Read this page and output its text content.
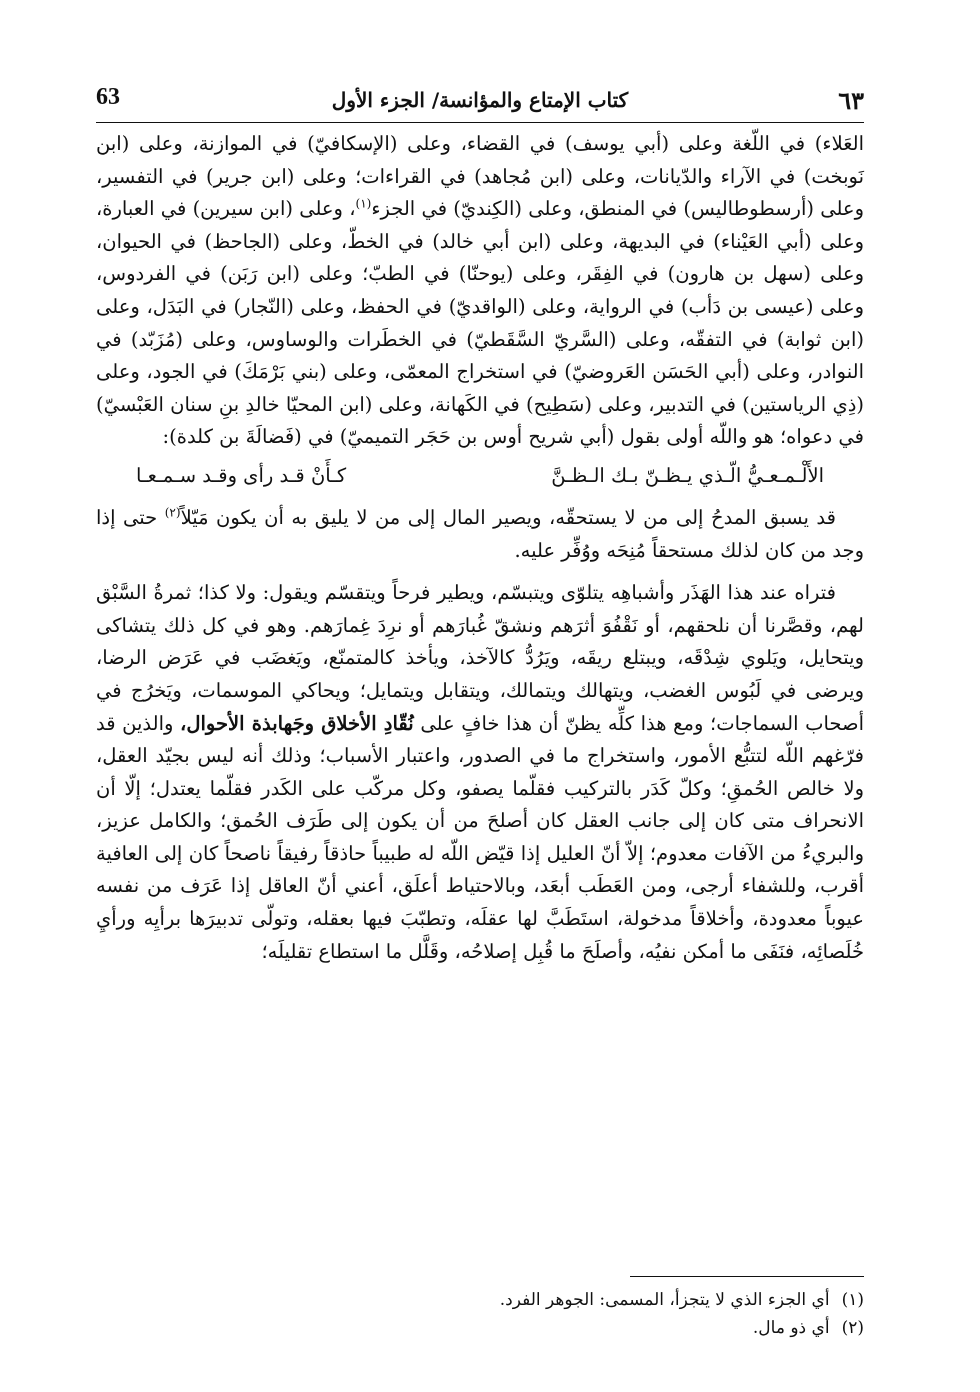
٦٣
كتاب الإمتاع والمؤانسة/ الجزء الأول
63

العَلاء) في اللّغة وعلى (أبي يوسف) في القضاء، وعلى (الإسكافيّ) في الموازنة، وعلى (ابن نَوبخت) في الآراء والدّيانات، وعلى (ابن مُجاهد) في القراءات؛ وعلى (ابن جرير) في التفسير، وعلى (أرسطوطاليس) في المنطق، وعلى (الكِنديّ) في الجزء$^{(١)}$، وعلى (ابن سيرين) في العبارة، وعلى (أبي العَيْناء) في البديهة، وعلى (ابن أبي خالد) في الخطّ، وعلى (الجاحظ) في الحيوان، وعلى (سهل بن هارون) في الفِقَر، وعلى (يوحنّا) في الطبّ؛ وعلى (ابن رَبَن) في الفردوس، وعلى (عيسى بن دَأب) في الرواية، وعلى (الواقديّ) في الحفظ، وعلى (النّجار) في البَدَل، وعلى (ابن ثوابة) في التفقّه، وعلى (السَّريّ السَّقَطيّ) في الخطَرات والوساوس، وعلى (مُزَبّد) في النوادر، وعلى (أبي الحَسَن العَروضيّ) في استخراج المعمّى، وعلى (بني بَرْمَكَ) في الجود، وعلى (ذِي الرياستين) في التدبير، وعلى (سَطِيح) في الكَهانة، وعلى (ابن المحيّا خالدِ بنِ سنان العَبْسيّ) في دعواه؛ هو واللّه أولى بقول (أبي شريح أوس بن حَجَر التميميّ) في (فَضالَةَ بن كلدة):

الأَلْـمـعـيُّ الّـذي يـظـنّ بـك الـظـنَّ
كـأَنْ قـد رأى وقـد سـمـعـا

قد يسبق المدحُ إلى من لا يستحقّه، ويصير المال إلى من لا يليق به أن يكون مَيّلاً$^{(٢)}$ حتى إذا وجد من كان لذلك مستحقاً مُنِحَه ووُفِّر عليه.

فتراه عند هذا الهَذَر وأشباهِه يتلوّى ويتبسّم، ويطير فرحاً ويتقسّم ويقول: ولا كذا؛ ثمرةُ السَّبْق لهم، وقصَّرنا أن نلحقهم، أو نَقْفُوَ أثرَهم ونشقّ غُبارَهم أو نرِدَ غِمارَهم. وهو في كل ذلك يتشاكى ويتحايل، ويَلوي شِدْقَه، ويبتلع ريقَه، ويَرُدُّ كالآخذ، ويأخذ كالمتمنّع، ويَغضَب في عَرَض الرضا، ويرضى في لَبُوس الغضب، ويتهالك ويتمالك، ويتقابل ويتمايل؛ ويحاكي الموسمات، ويَخرُج في أصحاب السماجات؛ ومع هذا كلِّه يظنّ أن هذا خافٍ على نُقّادِ الأخلاق وجَهابذة الأحوال، والذين قد فرّغهم اللّه لتتبُّع الأمور، واستخراج ما في الصدور، واعتبار الأسباب؛ وذلك أنه ليس بجيّد العقل، ولا خالص الحُمقِ؛ وكلّ كَدَر بالتركيب فقلّما يصفو، وكل مركّب على الكَدر فقلّما يعتدل؛ إلّا أن الانحراف متى كان إلى جانب العقل كان أصلحَ من أن يكون إلى طَرَف الحُمق؛ والكامل عزيز، والبريءُ من الآفات معدوم؛ إلاّ أنّ العليل إذا قيّض اللّه له طبيباً حاذقاً رفيقاً ناصحاً كان إلى العافية أقرب، وللشفاء أرجى، ومن العَطَب أبعَد، وبالاحتياط أعلَق، أعني أنّ العاقل إذا عَرَف من نفسه عيوباً معدودة، وأخلاقاً مدخولة، استَطَبَّ لها عقلَه، وتطبّبَ فيها بعقله، وتولّى تدبيرَها برأيِه ورأيِ خُلَصائِه، فنَفَى ما أمكن نفيُه، وأصلَحَ ما قُبِل إصلاحُه، وقَلَّل ما استطاع تقليلَه؛

(١)أي الجزء الذي لا يتجزأ، المسمى: الجوهر الفرد.
(٢)أي ذو مال.
